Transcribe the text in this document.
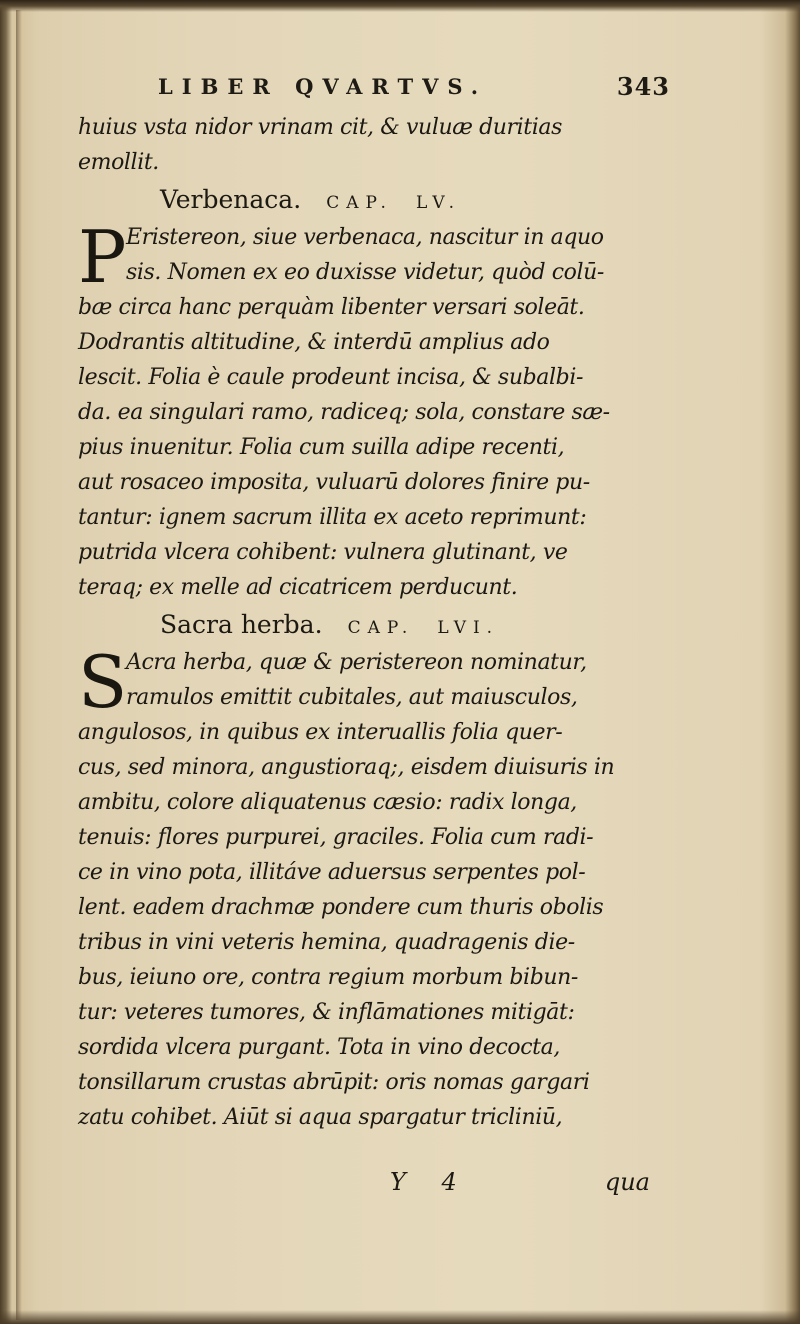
LIBER QVARTVS.	343
huius vsta nidor vrinam cit, & vuluæ duritias
emollit.
Verbenaca. CAP. LV.
P Eristereon, siue verbenaca, nascitur in aquo
sis. Nomen ex eo duxisse videtur, quòd colū-
bæ circa hanc perquàm libenter versari soleāt.
Dodrantis altitudine, & interdū amplius ado
lescit. Folia è caule prodeunt incisa, & subalbi-
da. ea singulari ramo, radiceq; sola, constare sæ-
pius inuenitur. Folia cum suilla adipe recenti,
aut rosaceo imposita, vuluarū dolores finire pu-
tantur: ignem sacrum illita ex aceto reprimunt:
putrida vlcera cohibent: vulnera glutinant, ve
teraq; ex melle ad cicatricem perducunt.
Sacra herba. CAP. LVI.
S
Acra herba, quæ & peristereon nominatur,
ramulos emittit cubitales, aut maiusculos,
angulosos, in quibus ex interuallis folia quer-
cus, sed minora, angustioraq;, eisdem diuisuris in
ambitu, colore aliquatenus cæsio: radix longa,
tenuis: flores purpurei, graciles. Folia cum radi-
ce in vino pota, illitáve aduersus serpentes pol-
lent. eadem drachmæ pondere cum thuris obolis
tribus in vini veteris hemina, quadragenis die-
bus, ieiuno ore, contra regium morbum bibun-
tur: veteres tumores, & inflāmationes mitigāt:
sordida vlcera purgant. Tota in vino decocta,
tonsillarum crustas abrūpit: oris nomas gargari
zatu cohibet. Aiūt si aqua spargatur tricliniū,
Y 4	qua
